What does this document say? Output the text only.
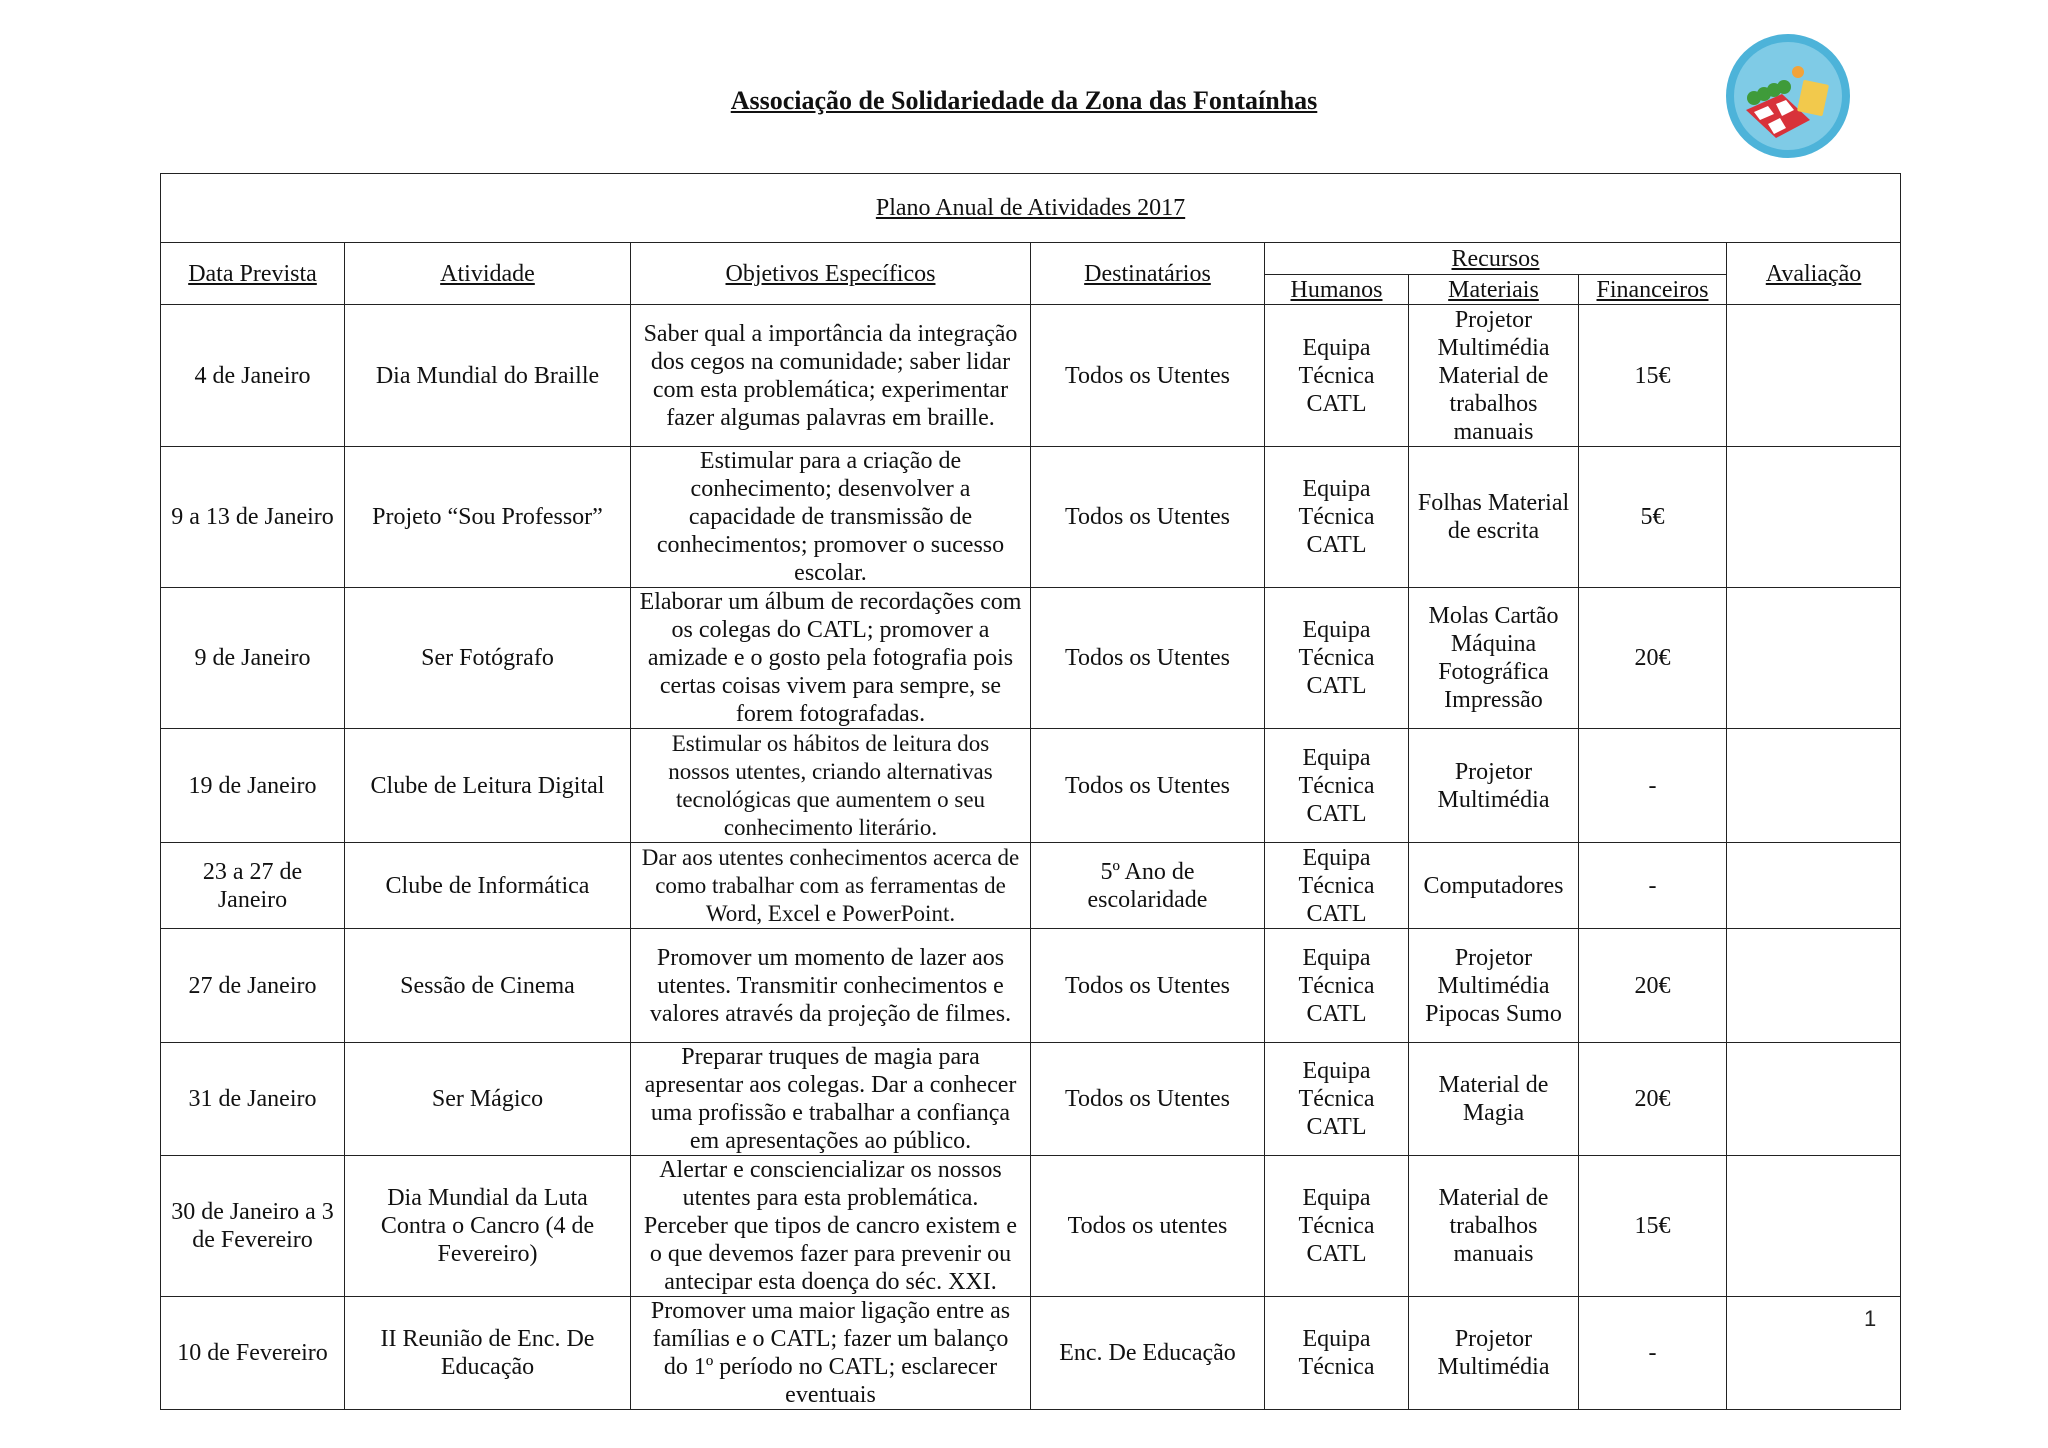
Associação de Solidariedade da Zona das Fontaínhas
Plano Anual de Atividades 2017							
Data Prevista	Atividade	Objetivos Específicos	Destinatários	Recursos			Avaliação
				Humanos	Materiais	Financeiros	
4 de Janeiro	Dia Mundial do Braille	Saber qual a importância da integração dos cegos na comunidade; saber lidar com esta problemática; experimentar fazer algumas palavras em braille.	Todos os Utentes	Equipa Técnica CATL	Projetor Multimédia Material de trabalhos manuais	15€	
9 a 13 de Janeiro	Projeto “Sou Professor”	Estimular para a criação de conhecimento; desenvolver a capacidade de transmissão de conhecimentos; promover o sucesso escolar.	Todos os Utentes	Equipa Técnica CATL	Folhas Material de escrita	5€	
9 de Janeiro	Ser Fotógrafo	Elaborar um álbum de recordações com os colegas do CATL; promover a amizade e o gosto pela fotografia pois certas coisas vivem para sempre, se forem fotografadas.	Todos os Utentes	Equipa Técnica CATL	Molas Cartão Máquina Fotográfica Impressão	20€	
19 de Janeiro	Clube de Leitura Digital	Estimular os hábitos de leitura dos nossos utentes, criando alternativas tecnológicas que aumentem o seu conhecimento literário.	Todos os Utentes	Equipa Técnica CATL	Projetor Multimédia	-	
23 a 27 de Janeiro	Clube de Informática	Dar aos utentes conhecimentos acerca de como trabalhar com as ferramentas de Word, Excel e PowerPoint.	5º Ano de escolaridade	Equipa Técnica CATL	Computadores	-	
27 de Janeiro	Sessão de Cinema	Promover um momento de lazer aos utentes. Transmitir conhecimentos e valores através da projeção de filmes.	Todos os Utentes	Equipa Técnica CATL	Projetor Multimédia Pipocas Sumo	20€	
31 de Janeiro	Ser Mágico	Preparar truques de magia para apresentar aos colegas. Dar a conhecer uma profissão e trabalhar a confiança em apresentações ao público.	Todos os Utentes	Equipa Técnica CATL	Material de Magia	20€	
30 de Janeiro a 3 de Fevereiro	Dia Mundial da Luta Contra o Cancro (4 de Fevereiro)	Alertar e consciencializar os nossos utentes para esta problemática. Perceber que tipos de cancro existem e o que devemos fazer para prevenir ou antecipar esta doença do séc. XXI.	Todos os utentes	Equipa Técnica CATL	Material de trabalhos manuais	15€	
10 de Fevereiro	II Reunião de Enc. De Educação	Promover uma maior ligação entre as famílias e o CATL; fazer um balanço do 1º período no CATL; esclarecer eventuais	Enc. De Educação	Equipa Técnica	Projetor Multimédia	-	
1
